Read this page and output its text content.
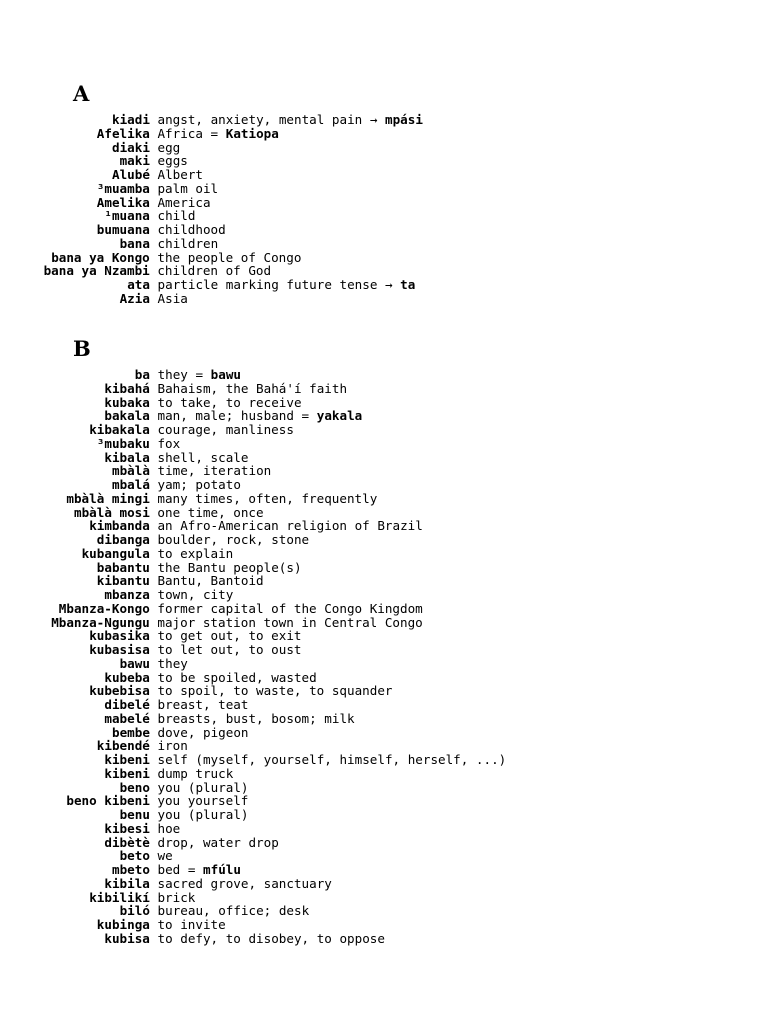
A
kiadi angst, anxiety, mental pain → mpási
Afelika Africa = Katiopa
diaki egg
maki eggs
Alubé Albert
³muamba palm oil
Amelika America
¹muana child
bumuana childhood
bana children
bana ya Kongo the people of Congo
bana ya Nzambi children of God
ata particle marking future tense → ta
Azia Asia
B
ba they = bawu
kibahá Bahaism, the Bahá'í faith
kubaka to take, to receive
bakala man, male; husband = yakala
kibakala courage, manliness
³mubaku fox
kibala shell, scale
mbàlà time, iteration
mbalá yam; potato
mbàlà mingi many times, often, frequently
mbàlà mosi one time, once
kimbanda an Afro-American religion of Brazil
dibanga boulder, rock, stone
kubangula to explain
babantu the Bantu people(s)
kibantu Bantu, Bantoid
mbanza town, city
Mbanza-Kongo former capital of the Congo Kingdom
Mbanza-Ngungu major station town in Central Congo
kubasika to get out, to exit
kubasisa to let out, to oust
bawu they
kubeba to be spoiled, wasted
kubebisa to spoil, to waste, to squander
dibelé breast, teat
mabelé breasts, bust, bosom; milk
bembe dove, pigeon
kibendé iron
kibeni self (myself, yourself, himself, herself, ...)
kibeni dump truck
beno you (plural)
beno kibeni you yourself
benu you (plural)
kibesi hoe
dibètè drop, water drop
beto we
mbeto bed = mfúlu
kibila sacred grove, sanctuary
kibilikí brick
biló bureau, office; desk
kubinga to invite
kubisa to defy, to disobey, to oppose
